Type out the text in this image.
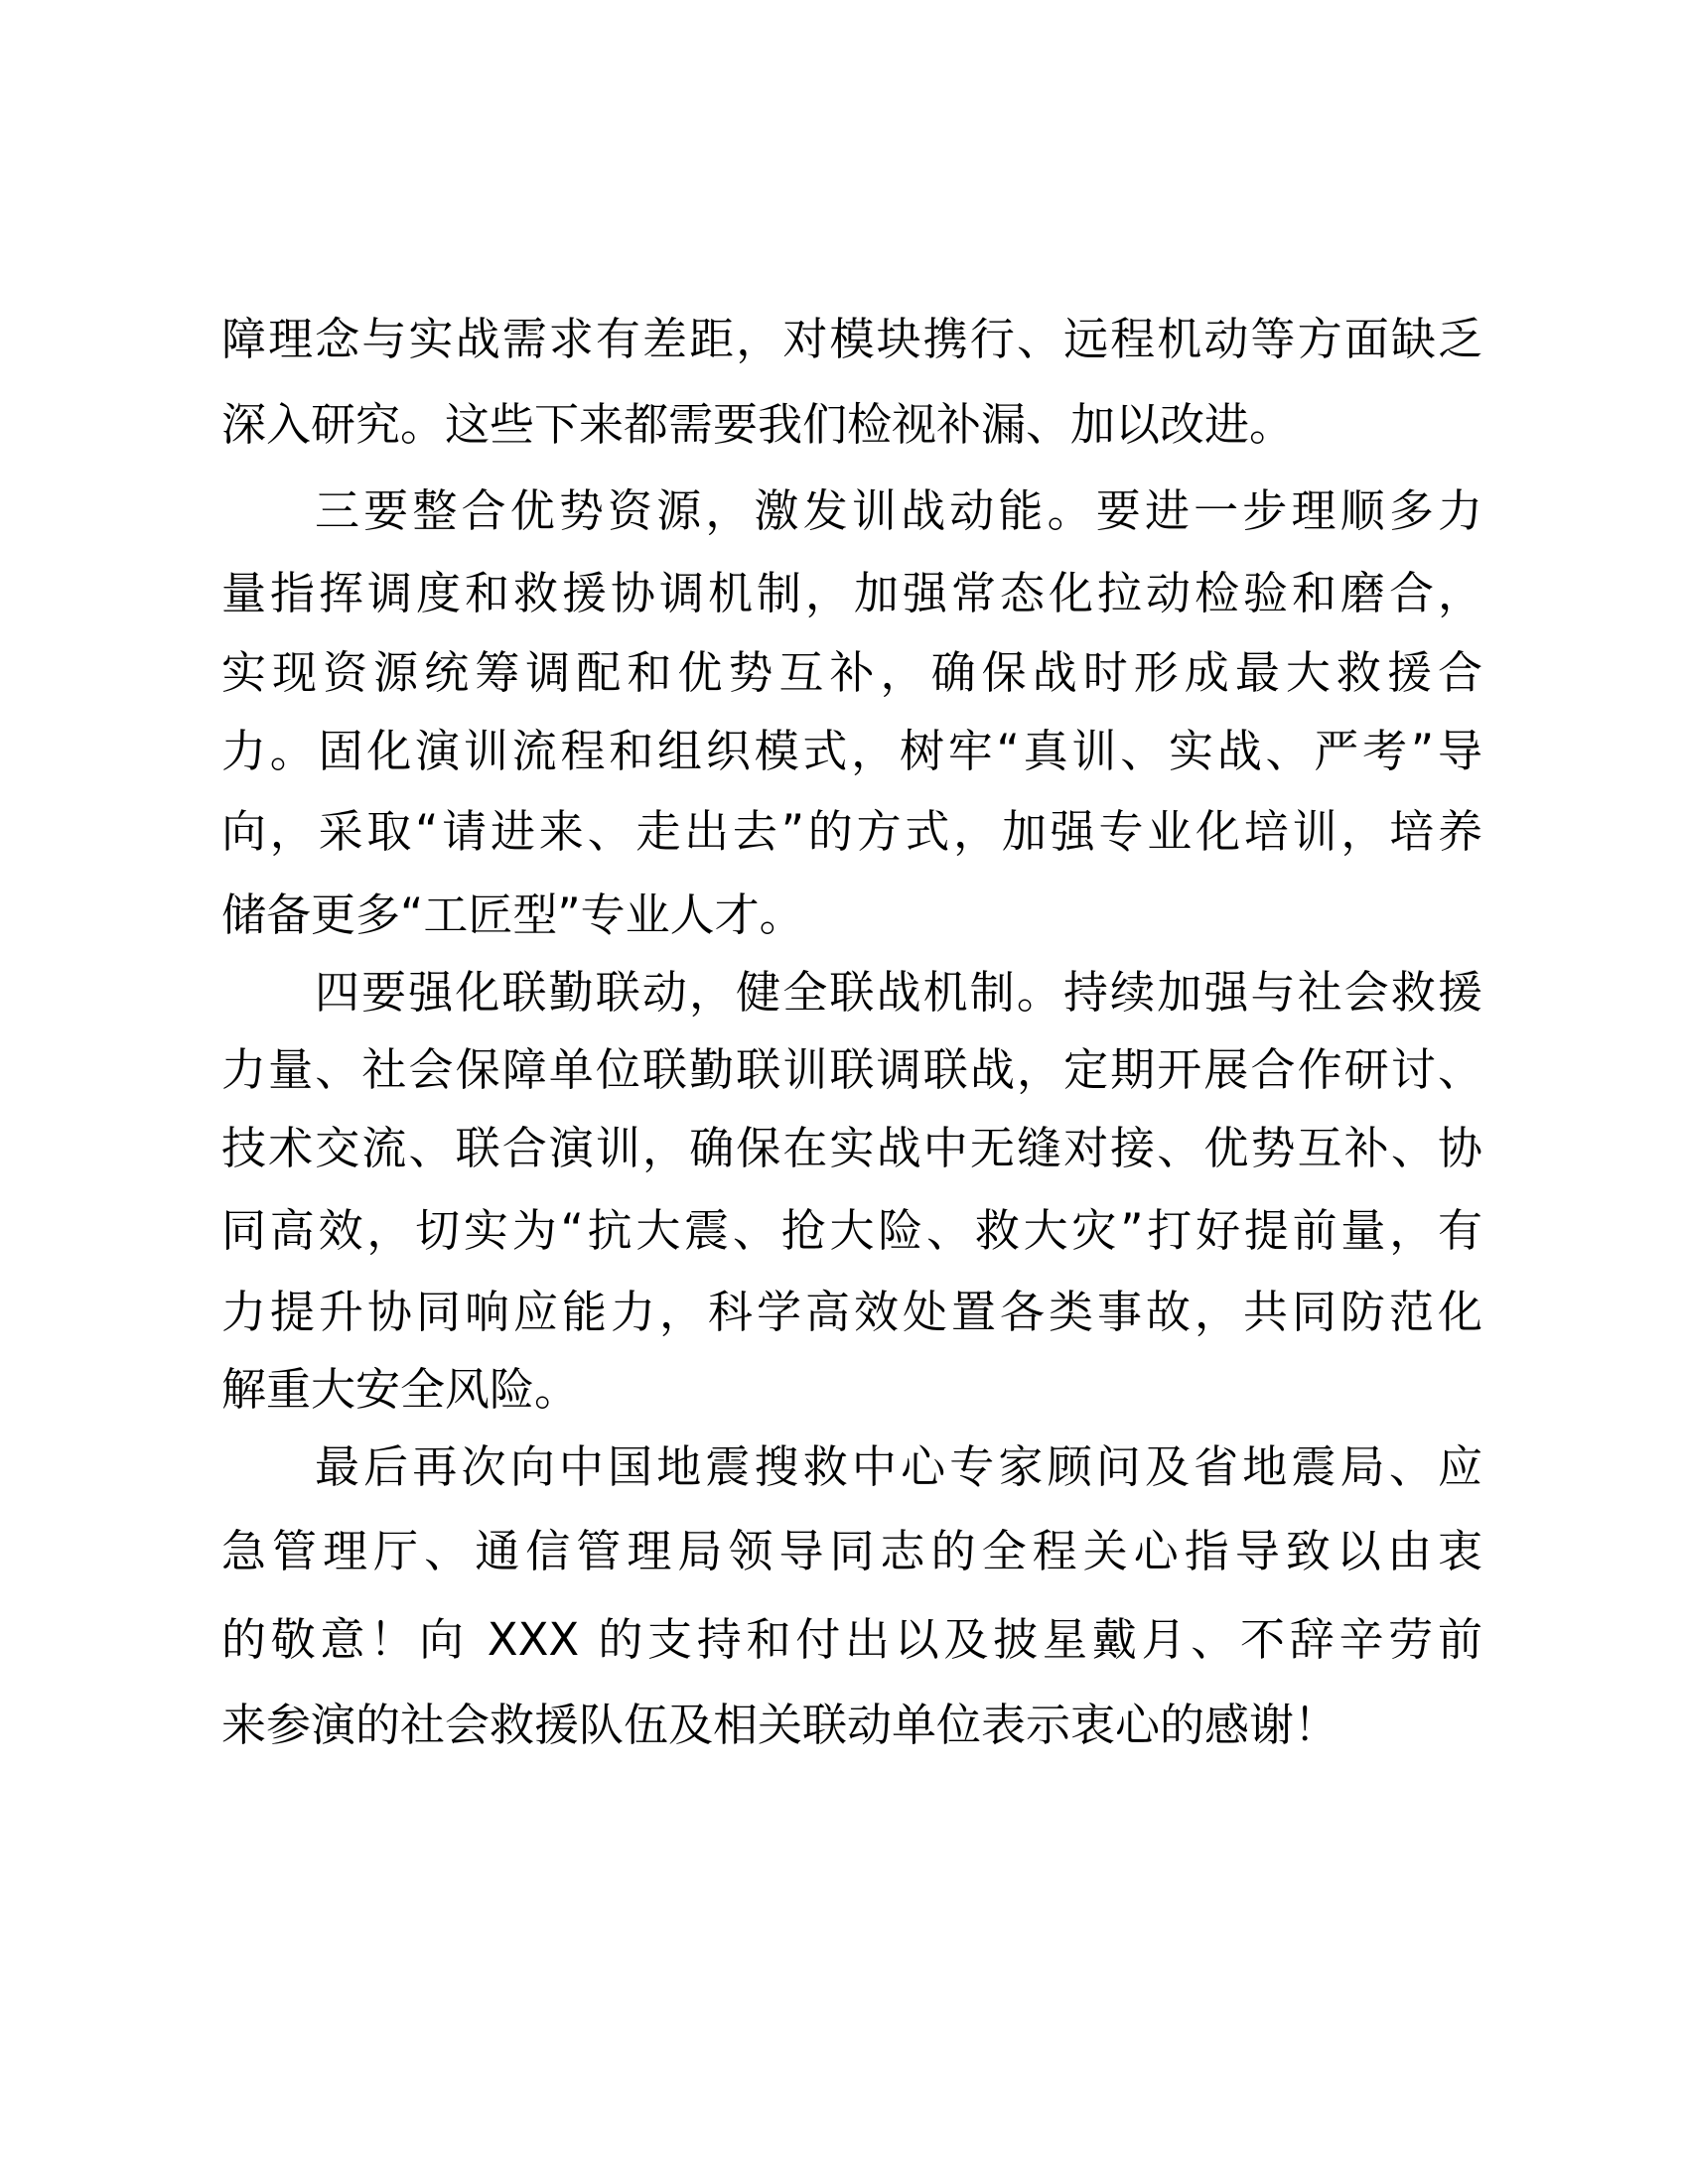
障理念与实战需求有差距，对模块携行、远程机动等方面缺乏
深入研究。这些下来都需要我们检视补漏、加以改进。
三要整合优势资源，激发训战动能。要进一步理顺多力
量指挥调度和救援协调机制，加强常态化拉动检验和磨合，
实现资源统筹调配和优势互补，确保战时形成最大救援合
力。固化演训流程和组织模式，树牢“真训、实战、严考”导
向，采取“请进来、走出去”的方式，加强专业化培训，培养
储备更多“工匠型”专业人才。
四要强化联勤联动，健全联战机制。持续加强与社会救援
力量、社会保障单位联勤联训联调联战，定期开展合作研讨、
技术交流、联合演训，确保在实战中无缝对接、优势互补、协
同高效，切实为“抗大震、抢大险、救大灾”打好提前量，有
力提升协同响应能力，科学高效处置各类事故，共同防范化
解重大安全风险。
最后再次向中国地震搜救中心专家顾问及省地震局、应
急管理厅、通信管理局领导同志的全程关心指导致以由衷
的敬意！向 XXX 的支持和付出以及披星戴月、不辞辛劳前
来参演的社会救援队伍及相关联动单位表示衷心的感谢！
